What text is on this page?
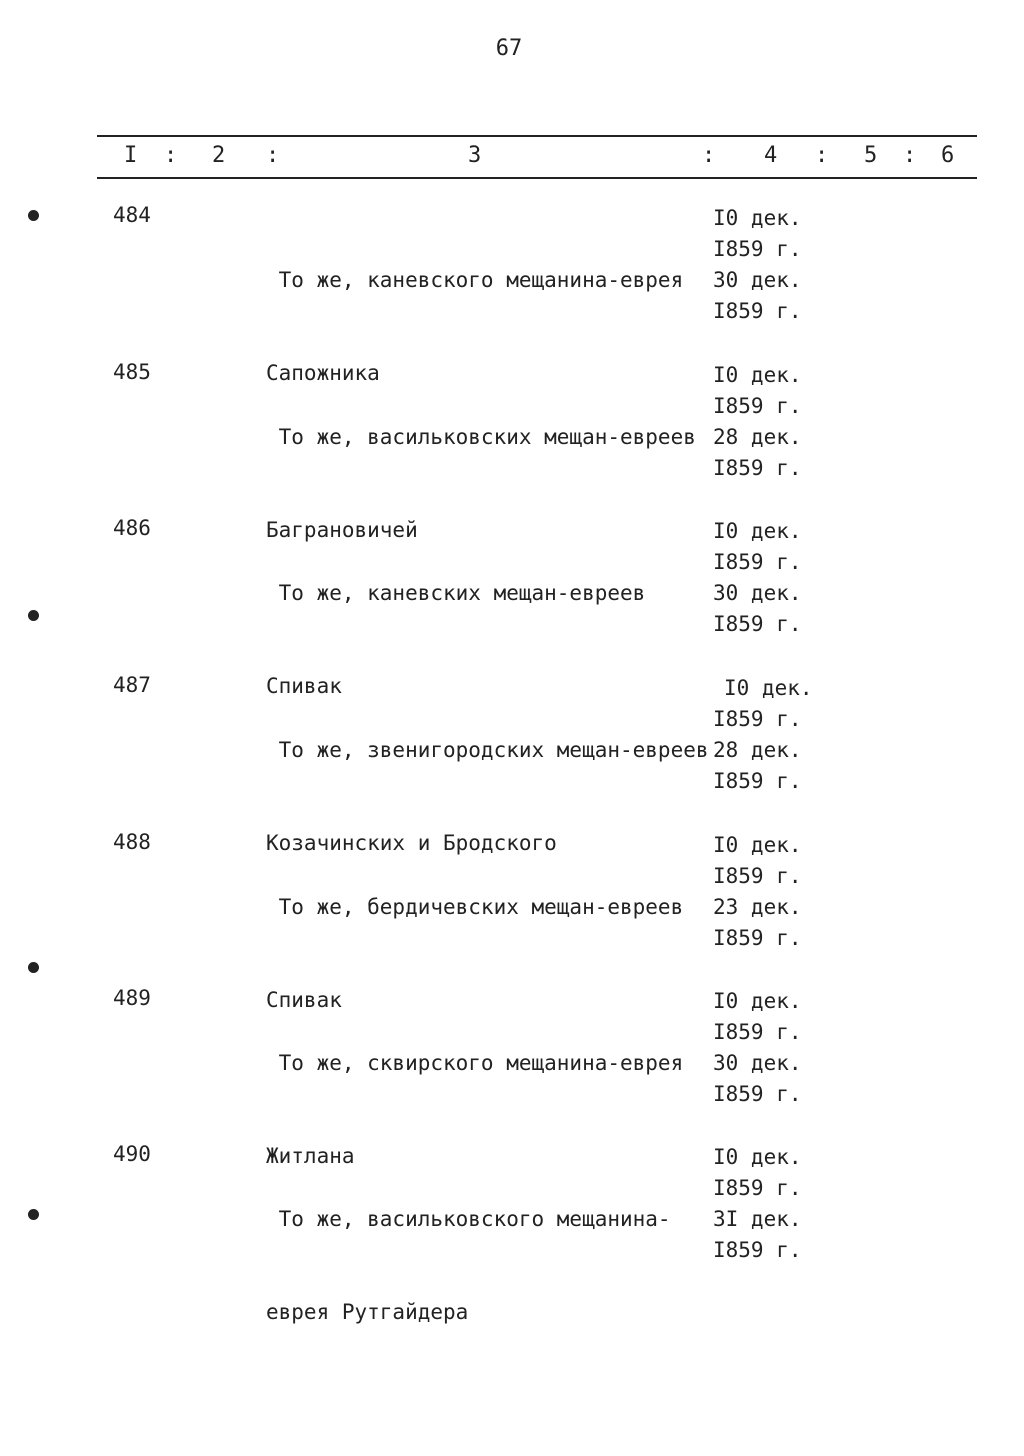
67
I : 2 :	3	: 4 : 5 : 6
484

То же, каневского мещанина-еврея

Сапожника

I0 дек.
I859 г.
30 дек.
I859 г.
485

То же, васильковских мещан-евреев

Баграновичей

I0 дек.
I859 г.
28 дек.
I859 г.
486

То же, каневских мещан-евреев

Спивак

I0 дек.
I859 г.
30 дек.
I859 г.
487

То же, звенигородских мещан-евреев

Козачинских и Бродского

I0 дек.
I859 г.
28 дек.
I859 г.
488

То же, бердичевских мещан-евреев

Спивак

I0 дек.
I859 г.
23 дек.
I859 г.
489

То же, сквирского мещанина-еврея

Житлана

I0 дек.
I859 г.
30 дек.
I859 г.
490

То же, васильковского мещанина-

еврея Рутгайдера

I0 дек.
I859 г.
3I дек.
I859 г.
